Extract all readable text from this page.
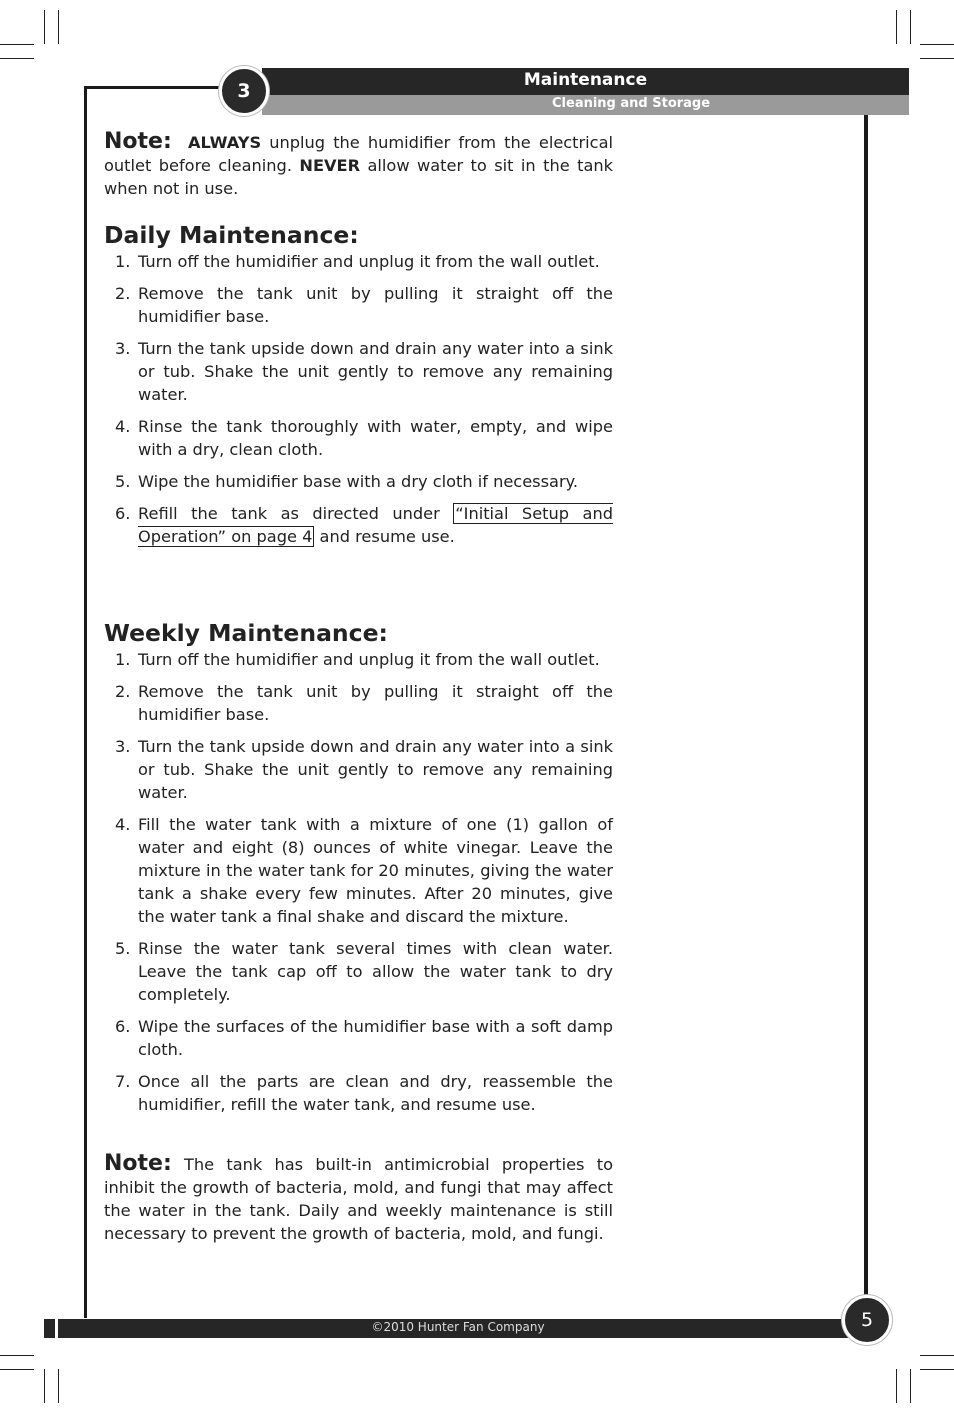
Maintenance
Cleaning and Storage
3

Note: ALWAYS unplug the humidifier from the electrical outlet before cleaning. NEVER allow water to sit in the tank when not in use.

Daily Maintenance:
1. Turn off the humidifier and unplug it from the wall outlet.
2. Remove the tank unit by pulling it straight off the humidifier base.
3. Turn the tank upside down and drain any water into a sink or tub. Shake the unit gently to remove any remaining water.
4. Rinse the tank thoroughly with water, empty, and wipe with a dry, clean cloth.
5. Wipe the humidifier base with a dry cloth if necessary.
6. Refill the tank as directed under “Initial Setup and Operation” on page 4 and resume use.
Weekly Maintenance:
1. Turn off the humidifier and unplug it from the wall outlet.
2. Remove the tank unit by pulling it straight off the humidifier base.
3. Turn the tank upside down and drain any water into a sink or tub. Shake the unit gently to remove any remaining water.
4. Fill the water tank with a mixture of one (1) gallon of water and eight (8) ounces of white vinegar. Leave the mixture in the water tank for 20 minutes, giving the water tank a shake every few minutes. After 20 minutes, give the water tank a final shake and discard the mixture.
5. Rinse the water tank several times with clean water. Leave the tank cap off to allow the water tank to dry completely.
6. Wipe the surfaces of the humidifier base with a soft damp cloth.
7. Once all the parts are clean and dry, reassemble the humidifier, refill the water tank, and resume use.

Note: The tank has built-in antimicrobial properties to inhibit the growth of bacteria, mold, and fungi that may affect the water in the tank. Daily and weekly maintenance is still necessary to prevent the growth of bacteria, mold, and fungi.

©2010 Hunter Fan Company	5
